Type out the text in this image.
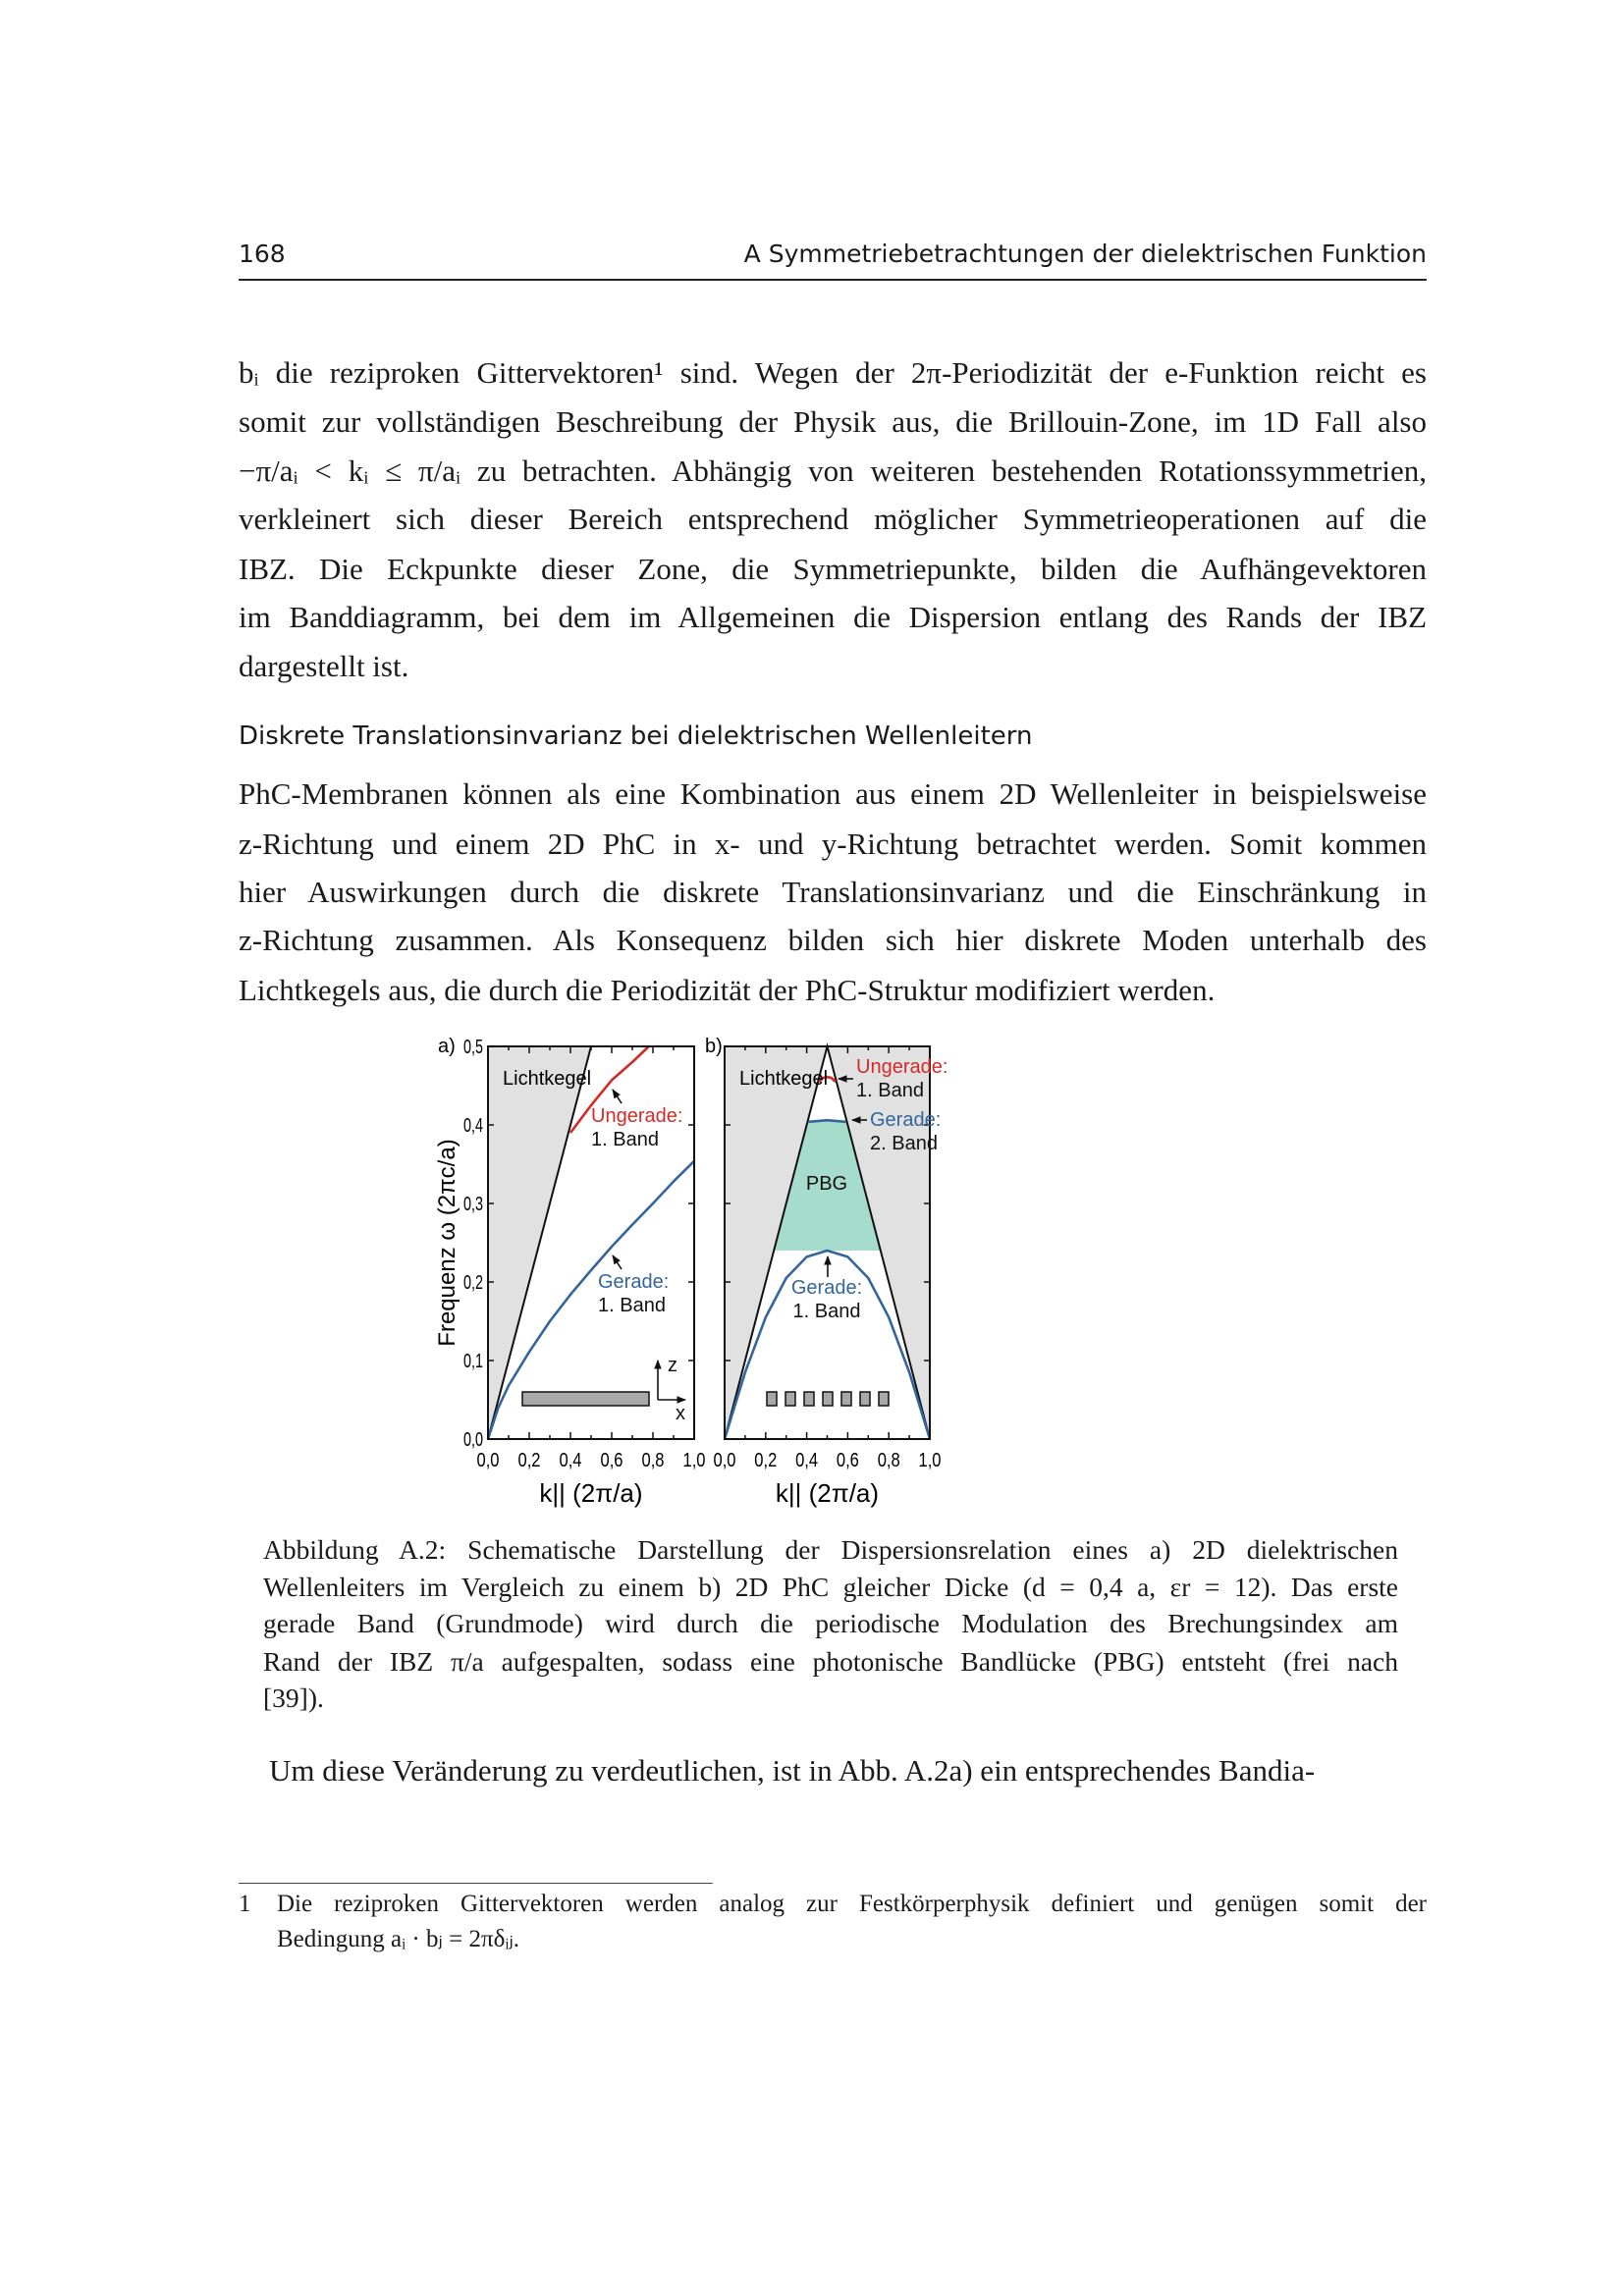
168	A Symmetriebetrachtungen der dielektrischen Funktion
bᵢ die reziproken Gittervektoren¹ sind. Wegen der 2π-Periodizität der e-Funktion reicht es
somit zur vollständigen Beschreibung der Physik aus, die Brillouin-Zone, im 1D Fall also
−π/aᵢ < kᵢ ≤ π/aᵢ zu betrachten. Abhängig von weiteren bestehenden Rotationssymmetrien,
verkleinert sich dieser Bereich entsprechend möglicher Symmetrieoperationen auf die
IBZ. Die Eckpunkte dieser Zone, die Symmetriepunkte, bilden die Aufhängevektoren
im Banddiagramm, bei dem im Allgemeinen die Dispersion entlang des Rands der IBZ
dargestellt ist.
Diskrete Translationsinvarianz bei dielektrischen Wellenleitern
PhC-Membranen können als eine Kombination aus einem 2D Wellenleiter in beispielsweise
z-Richtung und einem 2D PhC in x- und y-Richtung betrachtet werden. Somit kommen
hier Auswirkungen durch die diskrete Translationsinvarianz und die Einschränkung in
z-Richtung zusammen. Als Konsequenz bilden sich hier diskrete Moden unterhalb des
Lichtkegels aus, die durch die Periodizität der PhC-Struktur modifiziert werden.
0,0 0,2 0,4 0,6 0,8 1,0
0,0
0,1
0,2
0,3
0,4
0,5
k|| (2π/a)
Frequenz ω (2πc/a)
a)
Lichtkegel
0,0 0,2 0,4 0,6 0,8 1,0
k|| (2π/a)
b)
Lichtkegel
Ungerade:
1. Band
Gerade:
1. Band
z
x
Ungerade:
1. Band
Gerade:
2. Band
PBG
Gerade:
1. Band
Abbildung A.2: Schematische Darstellung der Dispersionsrelation eines a) 2D dielektrischen
Wellenleiters im Vergleich zu einem b) 2D PhC gleicher Dicke (d = 0,4 a, εr = 12). Das erste
gerade Band (Grundmode) wird durch die periodische Modulation des Brechungsindex am
Rand der IBZ π/a aufgespalten, sodass eine photonische Bandlücke (PBG) entsteht (frei nach
[39]).
Um diese Veränderung zu verdeutlichen, ist in Abb. A.2a) ein entsprechendes Bandia-
1 Die reziproken Gittervektoren werden analog zur Festkörperphysik definiert und genügen somit der
Bedingung aᵢ · bⱼ = 2πδᵢⱼ.
